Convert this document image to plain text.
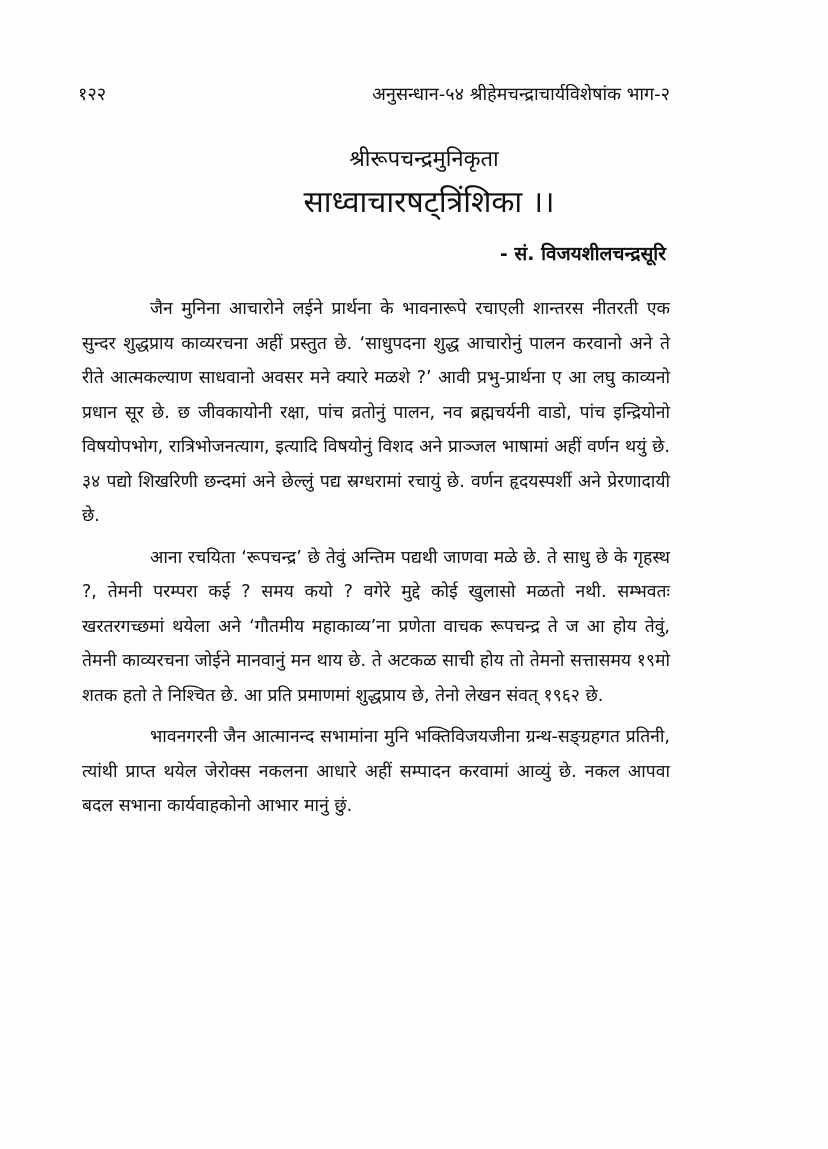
१२२	अनुसन्धान-५४ श्रीहेमचन्द्राचार्यविशेषांक भाग-२
श्रीरूपचन्द्रमुनिकृता
साध्वाचारषट्त्रिंशिका ।।
- सं. विजयशीलचन्द्रसूरि

जैन मुनिना आचारोने लईने प्रार्थना के भावनारूपे रचाएली शान्तरस नीतरती एक सुन्दर शुद्धप्राय काव्यरचना अहीं प्रस्तुत छे. ‘साधुपदना शुद्ध आचारोनुं पालन करवानो अने ते रीते आत्मकल्याण साधवानो अवसर मने क्यारे मळशे ?’ आवी प्रभु-प्रार्थना ए आ लघु काव्यनो प्रधान सूर छे. छ जीवकायोनी रक्षा, पांच व्रतोनुं पालन, नव ब्रह्मचर्यनी वाडो, पांच इन्द्रियोनो विषयोपभोग, रात्रिभोजनत्याग, इत्यादि विषयोनुं विशद अने प्राञ्जल भाषामां अहीं वर्णन थयुं छे. ३४ पद्यो शिखरिणी छन्दमां अने छेल्लुं पद्य स्रग्धरामां रचायुं छे. वर्णन हृदयस्पर्शी अने प्रेरणादायी छे.

आना रचयिता ‘रूपचन्द्र’ छे तेवुं अन्तिम पद्यथी जाणवा मळे छे. ते साधु छे के गृहस्थ ?, तेमनी परम्परा कई ? समय कयो ? वगेरे मुद्दे कोई खुलासो मळतो नथी. सम्भवतः खरतरगच्छमां थयेला अने ‘गौतमीय महाकाव्य’ना प्रणेता वाचक रूपचन्द्र ते ज आ होय तेवुं, तेमनी काव्यरचना जोईने मानवानुं मन थाय छे. ते अटकळ साची होय तो तेमनो सत्तासमय १९मो शतक हतो ते निश्चित छे. आ प्रति प्रमाणमां शुद्धप्राय छे, तेनो लेखन संवत् १९६२ छे.

भावनगरनी जैन आत्मानन्द सभामांना मुनि भक्तिविजयजीना ग्रन्थ-सङ्ग्रहगत प्रतिनी, त्यांथी प्राप्त थयेल जेरोक्स नकलना आधारे अहीं सम्पादन करवामां आव्युं छे. नकल आपवा बदल सभाना कार्यवाहकोनो आभार मानुं छुं.
